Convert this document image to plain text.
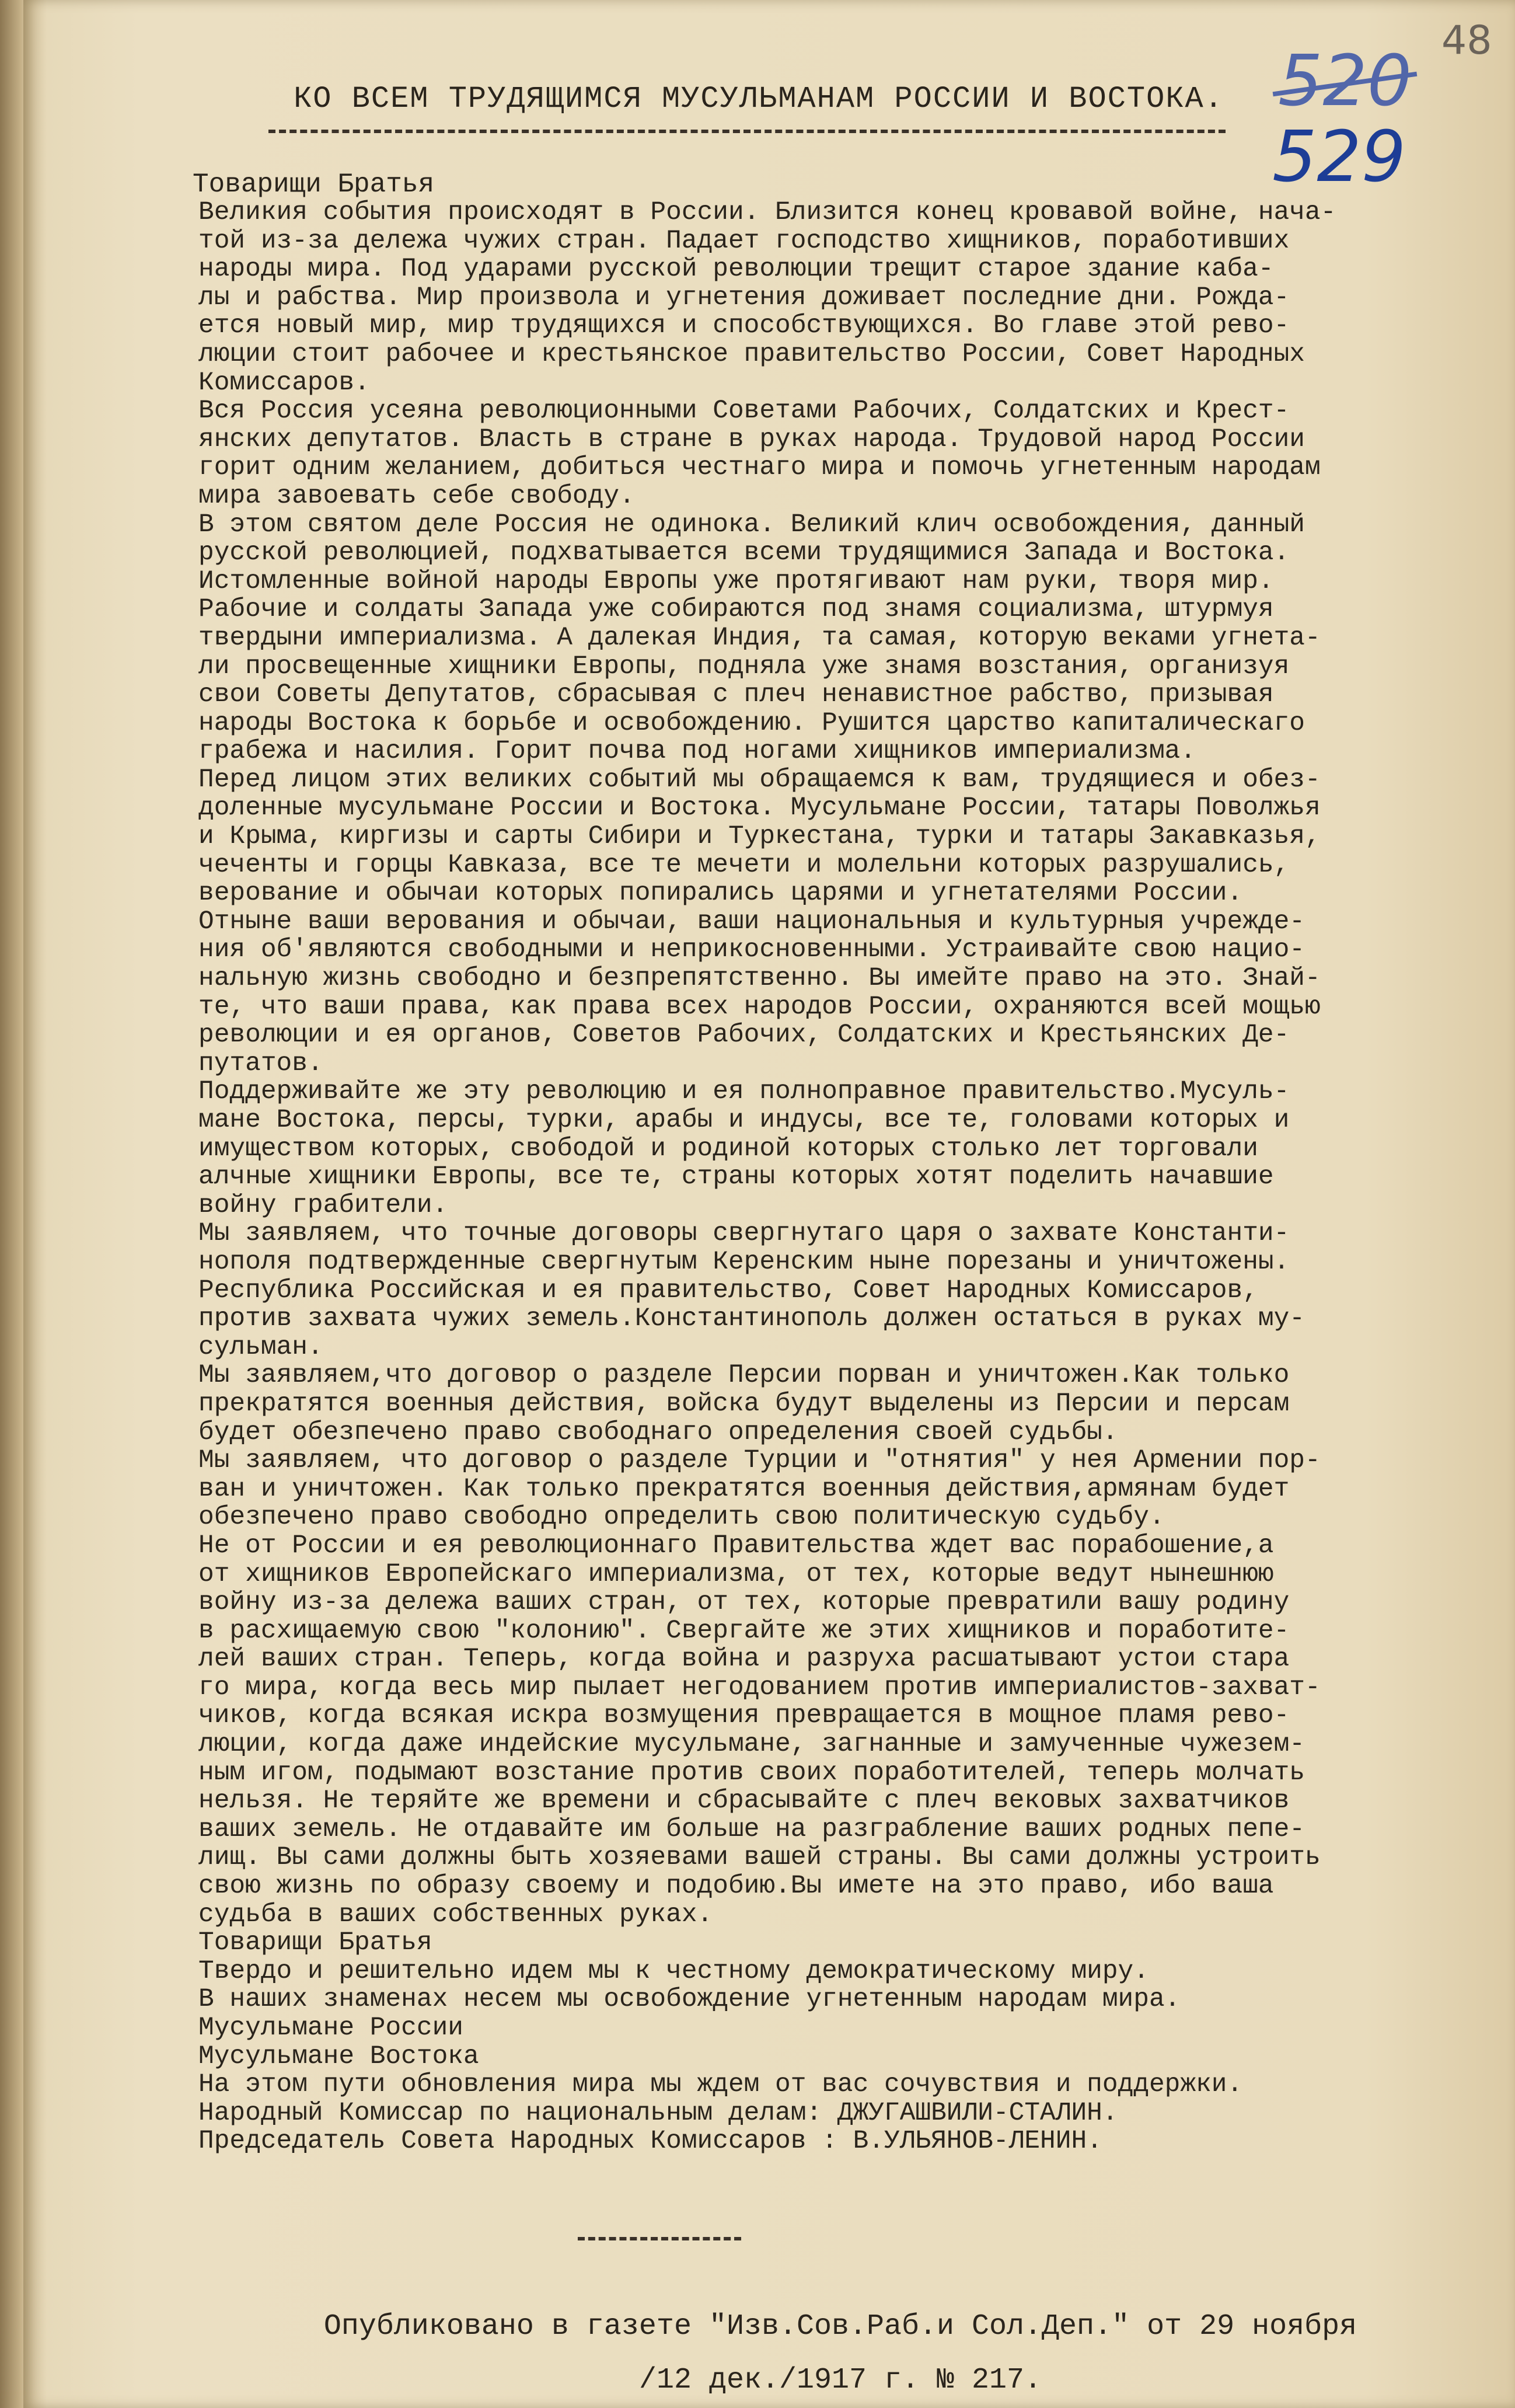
48
520
529
КО ВСЕМ ТРУДЯЩИМСЯ МУСУЛЬМАНАМ РОССИИ И ВОСТОКА.
Товарищи Братья
Великия события происходят в России. Близится конец кровавой войне, нача-
той из-за дележа чужих стран. Падает господство хищников, поработивших
народы мира. Под ударами русской революции трещит старое здание каба-
лы и рабства. Мир произвола и угнетения доживает последние дни. Рожда-
ется новый мир, мир трудящихся и способствующихся. Во главе этой рево-
люции стоит рабочее и крестьянское правительство России, Совет Народных
Комиссаров.
Вся Россия усеяна революционными Советами Рабочих, Солдатских и Крест-
янских депутатов. Власть в стране в руках народа. Трудовой народ России
горит одним желанием, добиться честнаго мира и помочь угнетенным народам
мира завоевать себе свободу.
В этом святом деле Россия не одинока. Великий клич освобождения, данный
русской революцией, подхватывается всеми трудящимися Запада и Востока.
Истомленные войной народы Европы уже протягивают нам руки, творя мир.
Рабочие и солдаты Запада уже собираются под знамя социализма, штурмуя
твердыни империализма. А далекая Индия, та самая, которую веками угнета-
ли просвещенные хищники Европы, подняла уже знамя возстания, организуя
свои Советы Депутатов, сбрасывая с плеч ненавистное рабство, призывая
народы Востока к борьбе и освобождению. Рушится царство капиталическаго
грабежа и насилия. Горит почва под ногами хищников империализма.
Перед лицом этих великих событий мы обращаемся к вам, трудящиеся и обез-
доленные мусульмане России и Востока. Мусульмане России, татары Поволжья
и Крыма, киргизы и сарты Сибири и Туркестана, турки и татары Закавказья,
чеченты и горцы Кавказа, все те мечети и молельни которых разрушались,
верование и обычаи которых попирались царями и угнетателями России.
Отныне ваши верования и обычаи, ваши национальныя и культурныя учрежде-
ния об'являются свободными и неприкосновенными. Устраивайте свою нацио-
нальную жизнь свободно и безпрепятственно. Вы имейте право на это. Знай-
те, что ваши права, как права всех народов России, охраняются всей мощью
революции и ея органов, Советов Рабочих, Солдатских и Крестьянских Де-
путатов.
Поддерживайте же эту революцию и ея полноправное правительство.Мусуль-
мане Востока, персы, турки, арабы и индусы, все те, головами которых и
имуществом которых, свободой и родиной которых столько лет торговали
алчные хищники Европы, все те, страны которых хотят поделить начавшие
войну грабители.
Мы заявляем, что точные договоры свергнутаго царя о захвате Константи-
нополя подтвержденные свергнутым Керенским ныне порезаны и уничтожены.
Республика Российская и ея правительство, Совет Народных Комиссаров,
против захвата чужих земель.Константинополь должен остаться в руках му-
сульман.
Мы заявляем,что договор о разделе Персии порван и уничтожен.Как только
прекратятся военныя действия, войска будут выделены из Персии и персам
будет обезпечено право свободнаго определения своей судьбы.
Мы заявляем, что договор о разделе Турции и "отнятия" у нея Армении пор-
ван и уничтожен. Как только прекратятся военныя действия,армянам будет
обезпечено право свободно определить свою политическую судьбу.
Не от России и ея революционнаго Правительства ждет вас порабошение,а
от хищников Европейскаго империализма, от тех, которые ведут нынешнюю
войну из-за дележа ваших стран, от тех, которые превратили вашу родину
в расхищаемую свою "колонию". Свергайте же этих хищников и поработите-
лей ваших стран. Теперь, когда война и разруха расшатывают устои стара
го мира, когда весь мир пылает негодованием против империалистов-захват-
чиков, когда всякая искра возмущения превращается в мощное пламя рево-
люции, когда даже индейские мусульмане, загнанные и замученные чужезем-
ным игом, подымают возстание против своих поработителей, теперь молчать
нельзя. Не теряйте же времени и сбрасывайте с плеч вековых захватчиков
ваших земель. Не отдавайте им больше на разграбление ваших родных пепе-
лищ. Вы сами должны быть хозяевами вашей страны. Вы сами должны устроить
свою жизнь по образу своему и подобию.Вы имете на это право, ибо ваша
судьба в ваших собственных руках.
Товарищи Братья
Твердо и решительно идем мы к честному демократическому миру.
В наших знаменах несем мы освобождение угнетенным народам мира.
Мусульмане России
Мусульмане Востока
На этом пути обновления мира мы ждем от вас сочувствия и поддержки.
Народный Комиссар по национальным делам: ДЖУГАШВИЛИ-СТАЛИН.
Председатель Совета Народных Комиссаров : В.УЛЬЯНОВ-ЛЕНИН.
Опубликовано в газете "Изв.Сов.Раб.и Сол.Деп." от 29 ноября
/12 дек./1917 г. № 217.
